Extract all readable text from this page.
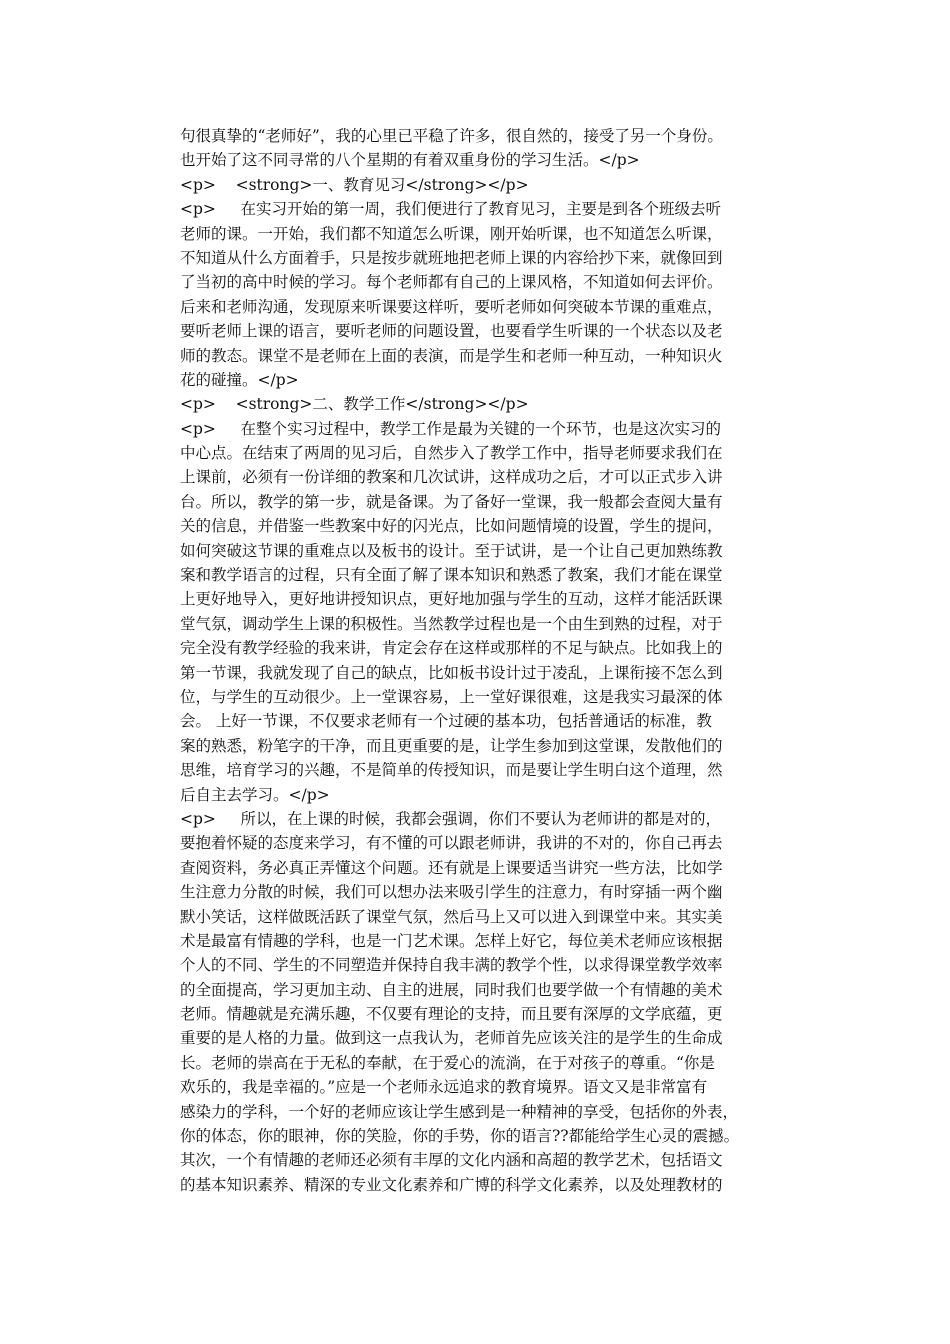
句很真挚的“老师好”，我的心里已平稳了许多，很自然的，接受了另一个身份。
也开始了这不同寻常的八个星期的有着双重身份的学习生活。</p>
<p>    <strong>一、教育见习</strong></p>
<p>     在实习开始的第一周，我们便进行了教育见习，主要是到各个班级去听
老师的课。一开始，我们都不知道怎么听课，刚开始听课，也不知道怎么听课，
不知道从什么方面着手，只是按步就班地把老师上课的内容给抄下来，就像回到
了当初的高中时候的学习。每个老师都有自己的上课风格，不知道如何去评价。
后来和老师沟通，发现原来听课要这样听，要听老师如何突破本节课的重难点，
要听老师上课的语言，要听老师的问题设置，也要看学生听课的一个状态以及老
师的教态。课堂不是老师在上面的表演，而是学生和老师一种互动，一种知识火
花的碰撞。</p>
<p>    <strong>二、教学工作</strong></p>
<p>     在整个实习过程中，教学工作是最为关键的一个环节，也是这次实习的
中心点。在结束了两周的见习后，自然步入了教学工作中，指导老师要求我们在
上课前，必须有一份详细的教案和几次试讲，这样成功之后，才可以正式步入讲
台。所以，教学的第一步，就是备课。为了备好一堂课，我一般都会查阅大量有
关的信息，并借鉴一些教案中好的闪光点，比如问题情境的设置，学生的提问，
如何突破这节课的重难点以及板书的设计。至于试讲，是一个让自己更加熟练教
案和教学语言的过程，只有全面了解了课本知识和熟悉了教案，我们才能在课堂
上更好地导入，更好地讲授知识点，更好地加强与学生的互动，这样才能活跃课
堂气氛，调动学生上课的积极性。当然教学过程也是一个由生到熟的过程，对于
完全没有教学经验的我来讲，肯定会存在这样或那样的不足与缺点。比如我上的
第一节课，我就发现了自己的缺点，比如板书设计过于凌乱，上课衔接不怎么到
位，与学生的互动很少。上一堂课容易，上一堂好课很难，这是我实习最深的体
会。 上好一节课，不仅要求老师有一个过硬的基本功，包括普通话的标准，教
案的熟悉，粉笔字的干净，而且更重要的是，让学生参加到这堂课，发散他们的
思维，培育学习的兴趣，不是简单的传授知识，而是要让学生明白这个道理，然
后自主去学习。</p>
<p>     所以，在上课的时候，我都会强调，你们不要认为老师讲的都是对的，
要抱着怀疑的态度来学习，有不懂的可以跟老师讲，我讲的不对的，你自己再去
查阅资料，务必真正弄懂这个问题。还有就是上课要适当讲究一些方法，比如学
生注意力分散的时候，我们可以想办法来吸引学生的注意力，有时穿插一两个幽
默小笑话，这样做既活跃了课堂气氛，然后马上又可以进入到课堂中来。其实美
术是最富有情趣的学科，也是一门艺术课。怎样上好它，每位美术老师应该根据
个人的不同、学生的不同塑造并保持自我丰满的教学个性，以求得课堂教学效率
的全面提高，学习更加主动、自主的进展，同时我们也要学做一个有情趣的美术
老师。情趣就是充满乐趣，不仅要有理论的支持，而且要有深厚的文学底蕴，更
重要的是人格的力量。做到这一点我认为，老师首先应该关注的是学生的生命成
长。老师的崇高在于无私的奉献，在于爱心的流淌，在于对孩子的尊重。“你是
欢乐的，我是幸福的。”应是一个老师永远追求的教育境界。语文又是非常富有
感染力的学科，一个好的老师应该让学生感到是一种精神的享受，包括你的外表，
你的体态，你的眼神，你的笑脸，你的手势，你的语言??都能给学生心灵的震撼。
其次，一个有情趣的老师还必须有丰厚的文化内涵和高超的教学艺术，包括语文
的基本知识素养、精深的专业文化素养和广博的科学文化素养，以及处理教材的
